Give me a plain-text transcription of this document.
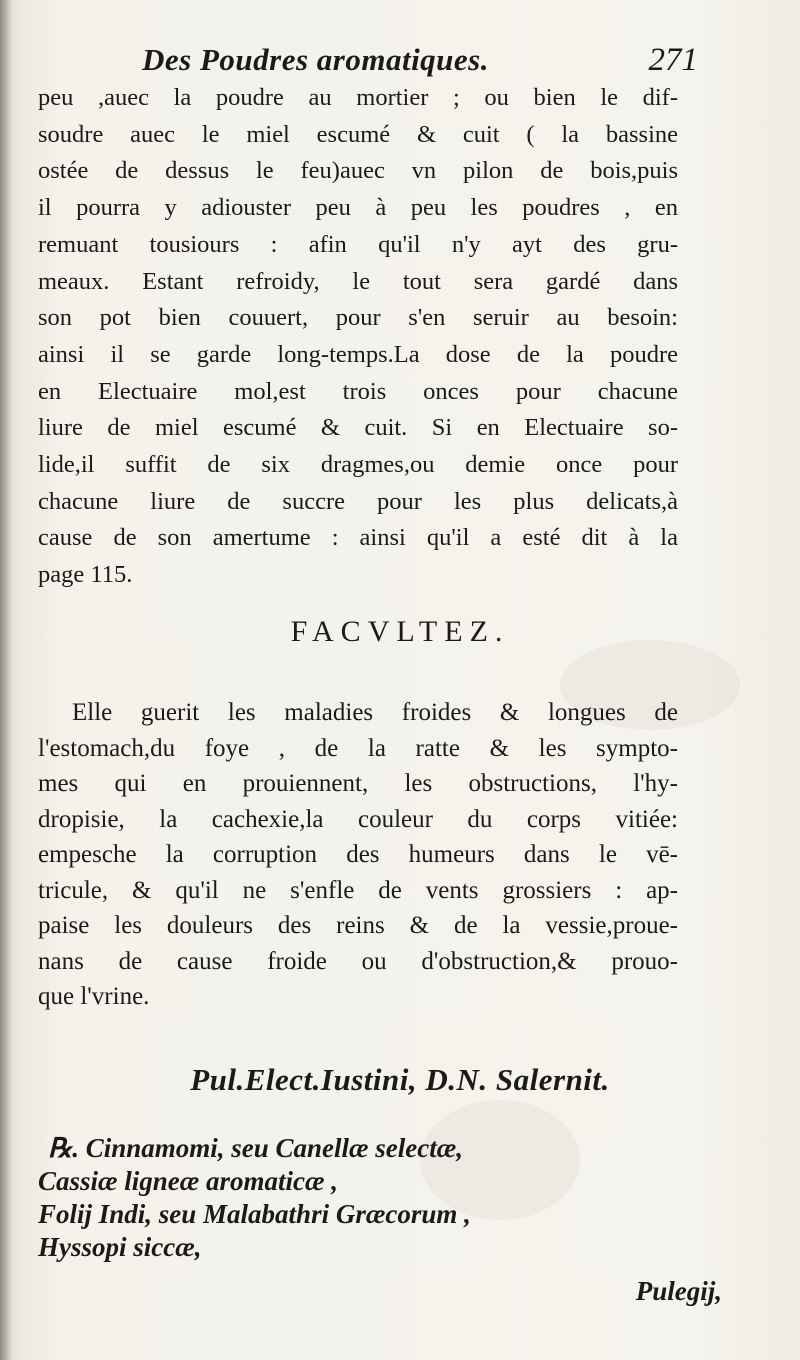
Des Poudres aromatiques.	271
peu ,auec la poudre au mortier ; ou bien le dif-
soudre auec le miel escumé & cuit ( la bassine
ostée de dessus le feu)auec vn pilon de bois,puis
il pourra y adiouster peu à peu les poudres , en
remuant tousiours : afin qu'il n'y ayt des gru-
meaux. Estant refroidy, le tout sera gardé dans
son pot bien couuert, pour s'en seruir au besoin:
ainsi il se garde long-temps.La dose de la poudre
en Electuaire mol,est trois onces pour chacune
liure de miel escumé & cuit. Si en Electuaire so-
lide,il suffit de six dragmes,ou demie once pour
chacune liure de succre pour les plus delicats,à
cause de son amertume : ainsi qu'il a esté dit à la
page 115.
FACVLTEZ.
Elle guerit les maladies froides & longues de
l'estomach,du foye , de la ratte & les sympto-
mes qui en prouiennent, les obstructions, l'hy-
dropisie, la cachexie,la couleur du corps vitiée:
empesche la corruption des humeurs dans le vē-
tricule, & qu'il ne s'enfle de vents grossiers : ap-
paise les douleurs des reins & de la vessie,proue-
nans de cause froide ou d'obstruction,& prouo-
que l'vrine.
Pul.Elect.Iustini, D.N. Salernit.
℞. Cinnamomi, seu Canellæ selectæ,
Cassiæ ligneæ aromaticæ ,
Folij Indi, seu Malabathri Græcorum ,
Hyssopi siccæ,
Pulegij,
